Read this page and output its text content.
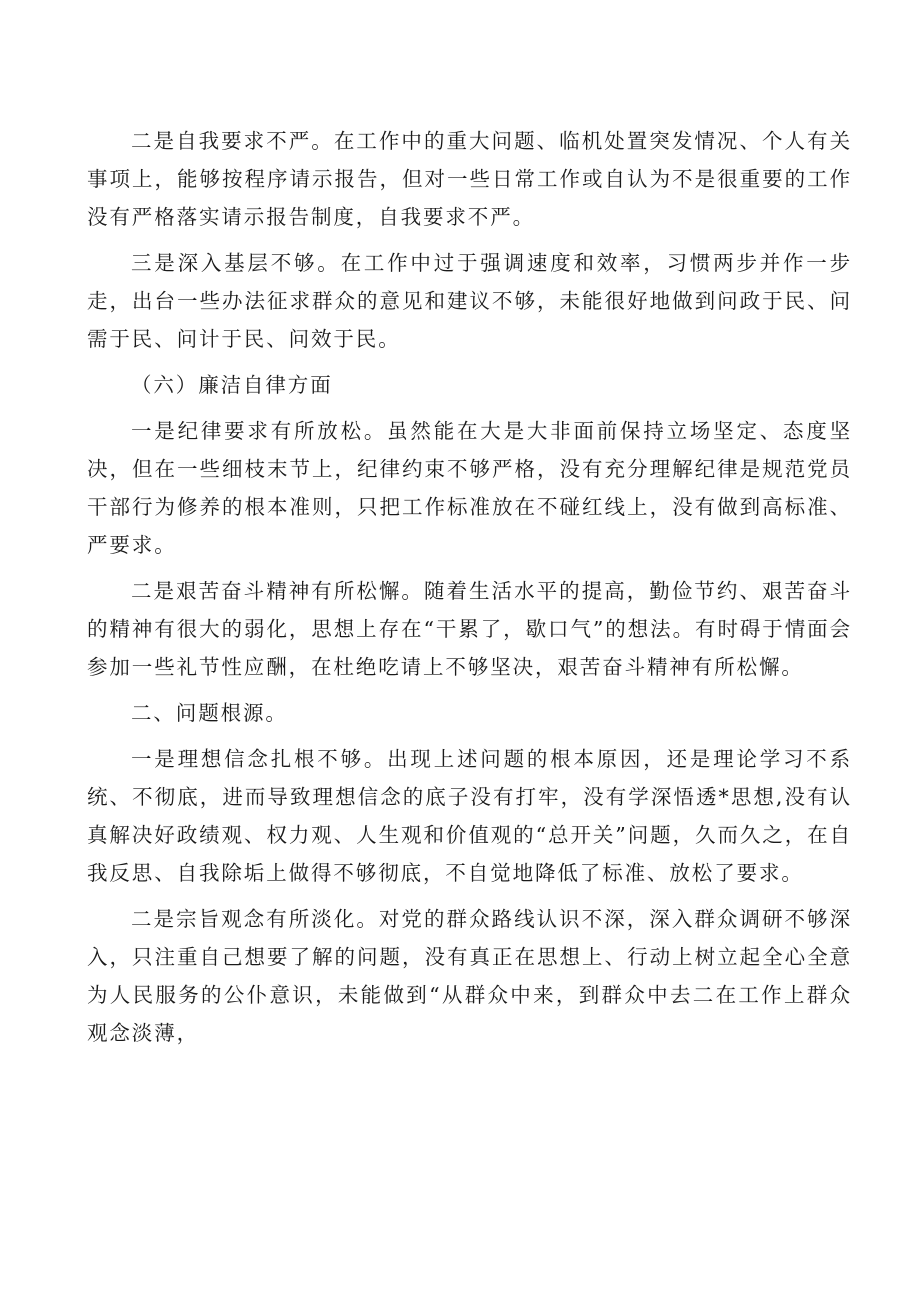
二是自我要求不严。在工作中的重大问题、临机处置突发情况、个人有关事项上，能够按程序请示报告，但对一些日常工作或自认为不是很重要的工作没有严格落实请示报告制度，自我要求不严。

三是深入基层不够。在工作中过于强调速度和效率，习惯两步并作一步走，出台一些办法征求群众的意见和建议不够，未能很好地做到问政于民、问需于民、问计于民、问效于民。

（六）廉洁自律方面

一是纪律要求有所放松。虽然能在大是大非面前保持立场坚定、态度坚决，但在一些细枝末节上，纪律约束不够严格，没有充分理解纪律是规范党员干部行为修养的根本准则，只把工作标准放在不碰红线上，没有做到高标准、严要求。

二是艰苦奋斗精神有所松懈。随着生活水平的提高，勤俭节约、艰苦奋斗的精神有很大的弱化，思想上存在“干累了，歇口气”的想法。有时碍于情面会参加一些礼节性应酬，在杜绝吃请上不够坚决，艰苦奋斗精神有所松懈。

二、问题根源。

一是理想信念扎根不够。出现上述问题的根本原因，还是理论学习不系统、不彻底，进而导致理想信念的底子没有打牢，没有学深悟透*思想,没有认真解决好政绩观、权力观、人生观和价值观的“总开关”问题，久而久之，在自我反思、自我除垢上做得不够彻底，不自觉地降低了标准、放松了要求。

二是宗旨观念有所淡化。对党的群众路线认识不深，深入群众调研不够深入，只注重自己想要了解的问题，没有真正在思想上、行动上树立起全心全意为人民服务的公仆意识，未能做到“从群众中来，到群众中去二在工作上群众观念淡薄，
